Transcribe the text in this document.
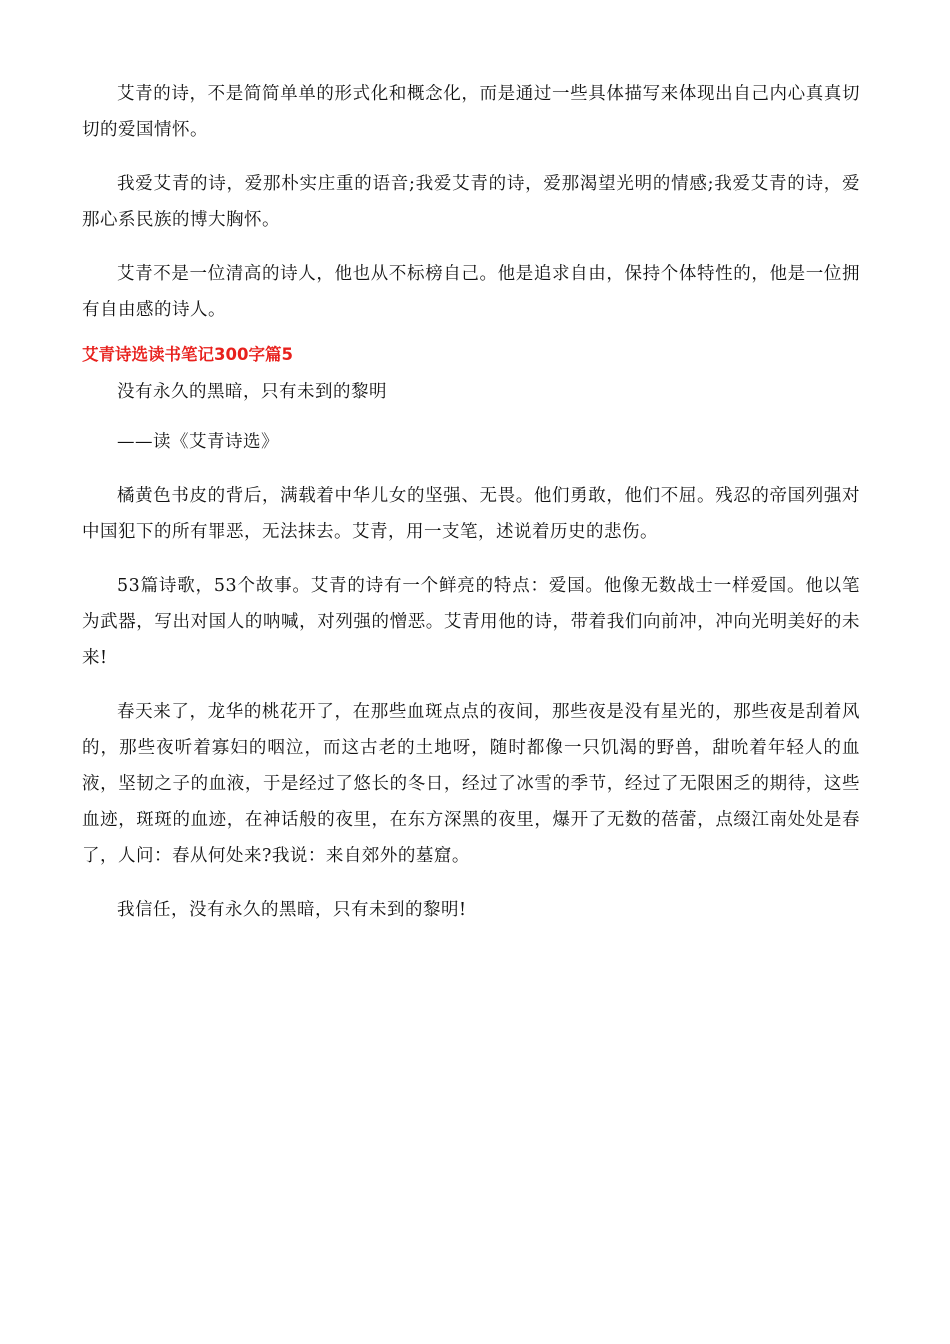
艾青的诗，不是简简单单的形式化和概念化，而是通过一些具体描写来体现出自己内心真真切切的爱国情怀。

我爱艾青的诗，爱那朴实庄重的语音;我爱艾青的诗，爱那渴望光明的情感;我爱艾青的诗，爱那心系民族的博大胸怀。

艾青不是一位清高的诗人，他也从不标榜自己。他是追求自由，保持个体特性的，他是一位拥有自由感的诗人。

艾青诗选读书笔记300字篇5

没有永久的黑暗，只有未到的黎明

——读《艾青诗选》

橘黄色书皮的背后，满载着中华儿女的坚强、无畏。他们勇敢，他们不屈。残忍的帝国列强对中国犯下的所有罪恶，无法抹去。艾青，用一支笔，述说着历史的悲伤。

53篇诗歌，53个故事。艾青的诗有一个鲜亮的特点：爱国。他像无数战士一样爱国。他以笔为武器，写出对国人的呐喊，对列强的憎恶。艾青用他的诗，带着我们向前冲，冲向光明美好的未来!

春天来了，龙华的桃花开了，在那些血斑点点的夜间，那些夜是没有星光的，那些夜是刮着风的，那些夜听着寡妇的咽泣，而这古老的土地呀，随时都像一只饥渴的野兽，甜吮着年轻人的血液，坚韧之子的血液，于是经过了悠长的冬日，经过了冰雪的季节，经过了无限困乏的期待，这些血迹，斑斑的血迹，在神话般的夜里，在东方深黑的夜里，爆开了无数的蓓蕾，点缀江南处处是春了，人问：春从何处来?我说：来自郊外的墓窟。

我信任，没有永久的黑暗，只有未到的黎明!
